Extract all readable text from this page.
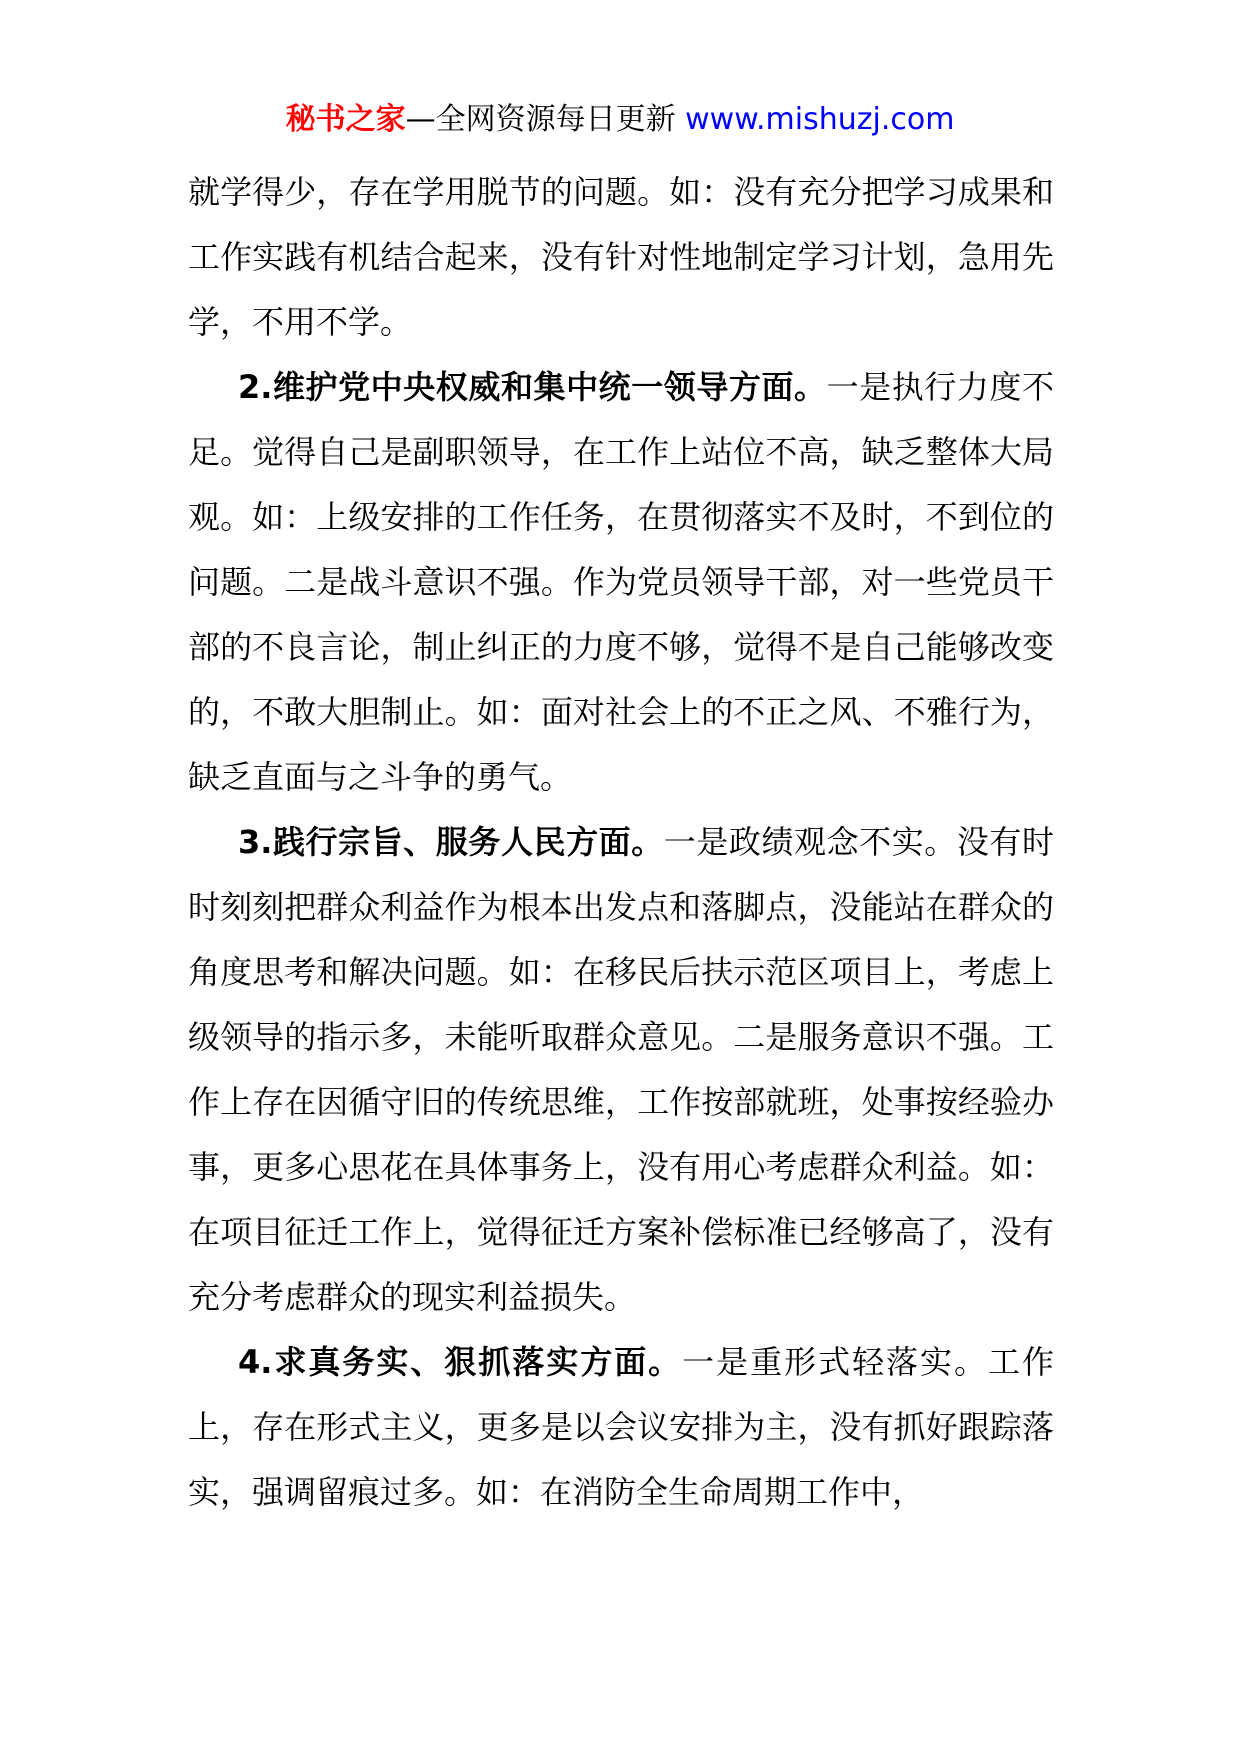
秘书之家—全网资源每日更新 www.mishuzj.com

就学得少，存在学用脱节的问题。如：没有充分把学习成果和工作实践有机结合起来，没有针对性地制定学习计划，急用先学，不用不学。

2.维护党中央权威和集中统一领导方面。一是执行力度不足。觉得自己是副职领导，在工作上站位不高，缺乏整体大局观。如：上级安排的工作任务，在贯彻落实不及时，不到位的问题。二是战斗意识不强。作为党员领导干部，对一些党员干部的不良言论，制止纠正的力度不够，觉得不是自己能够改变的，不敢大胆制止。如：面对社会上的不正之风、不雅行为，缺乏直面与之斗争的勇气。

3.践行宗旨、服务人民方面。一是政绩观念不实。没有时时刻刻把群众利益作为根本出发点和落脚点，没能站在群众的角度思考和解决问题。如：在移民后扶示范区项目上，考虑上级领导的指示多，未能听取群众意见。二是服务意识不强。工作上存在因循守旧的传统思维，工作按部就班，处事按经验办事，更多心思花在具体事务上，没有用心考虑群众利益。如：在项目征迁工作上，觉得征迁方案补偿标准已经够高了，没有充分考虑群众的现实利益损失。

4.求真务实、狠抓落实方面。一是重形式轻落实。工作上，存在形式主义，更多是以会议安排为主，没有抓好跟踪落实，强调留痕过多。如：在消防全生命周期工作中，
